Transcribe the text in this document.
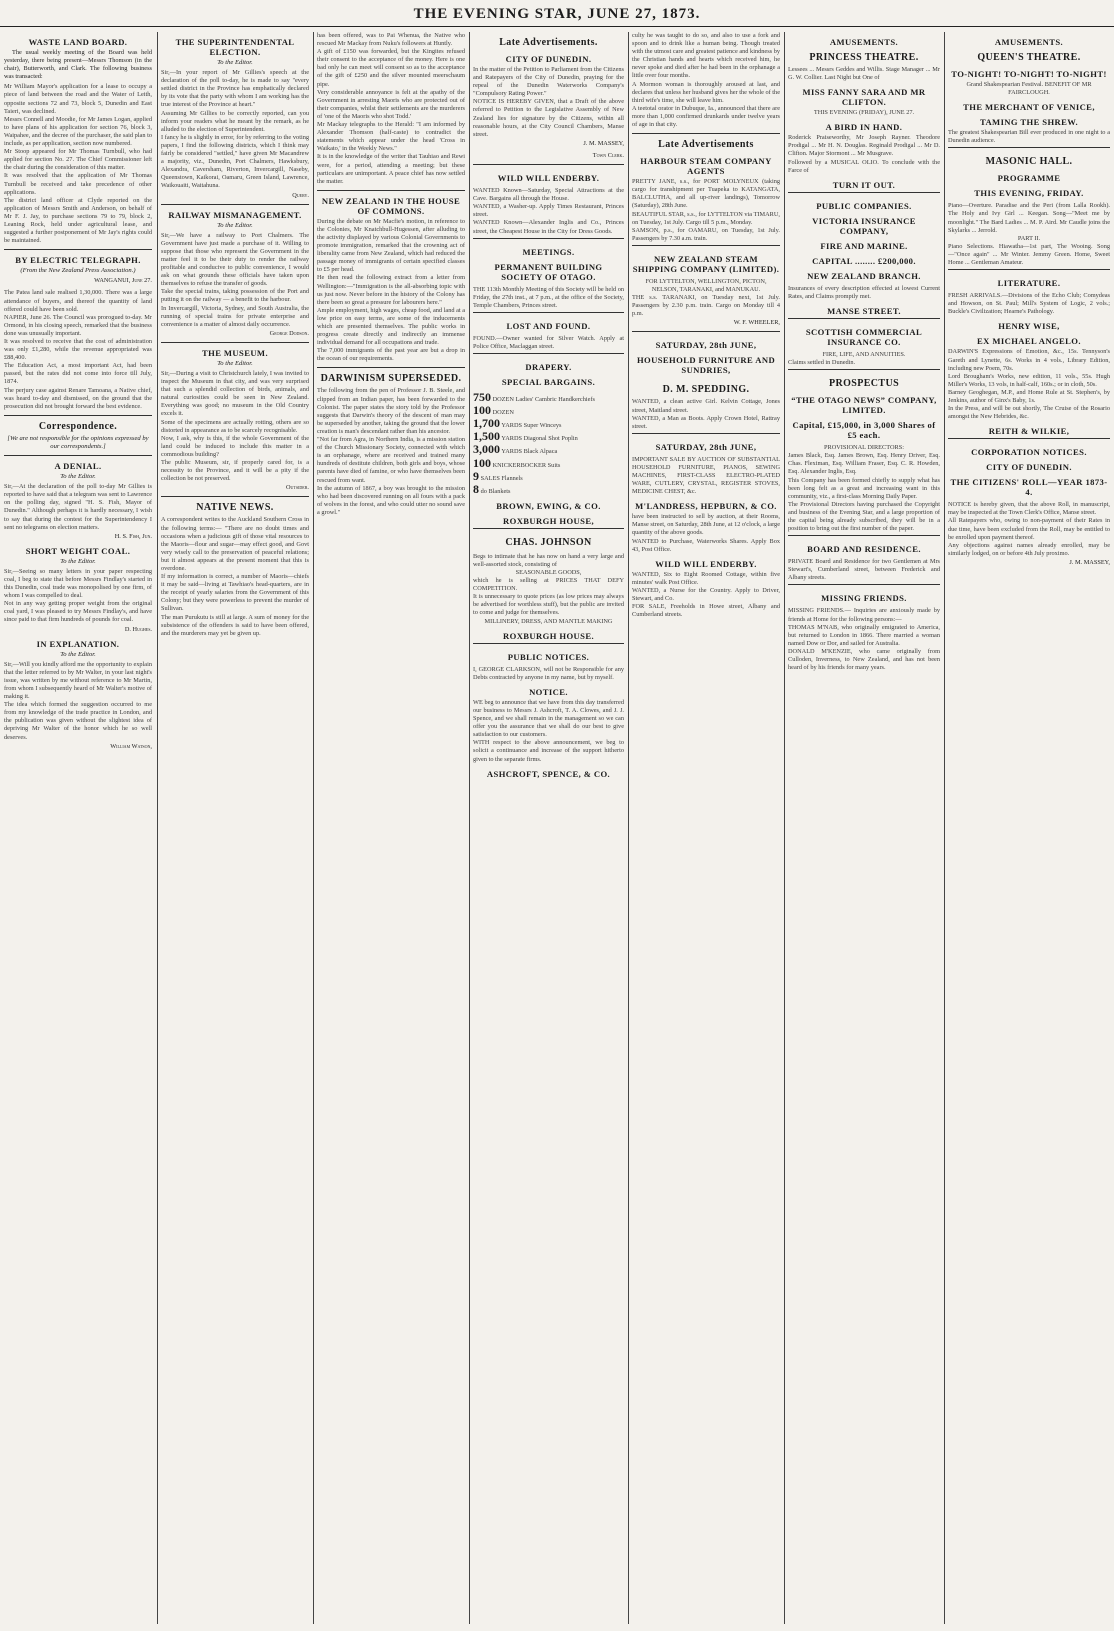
THE EVENING STAR, JUNE 27, 1873.
WASTE LAND BOARD.

The usual weekly meeting of the Board was held yesterday, there being present—Messrs Thomson (in the chair), Butterworth, and Clark. The following business was transacted:

Mr William Mayor's application for a lease to occupy a piece of land between the road and the Water of Leith, opposite sections 72 and 73, block 5, Dunedin and East Taieri, was declined.
Messrs Connell and Moodie, for Mr James Logan, applied to have plans of his application for section 76, block 3, Waipahee, and the decree of the purchaser, the said plan to include, as per application, section now numbered.
Mr Stoop appeared for Mr Thomas Turnbull, who had applied for section No. 27. The Chief Commissioner left the chair during the consideration of this matter.
It was resolved that the application of Mr Thomas Turnbull be received and take precedence of other applications.
The district land officer at Clyde reported on the application of Messrs Smith and Anderson, on behalf of Mr F. J. Jay, to purchase sections 79 to 79, block 2, Leaning Rock, held under agricultural lease, and suggested a further postponement of Mr Jay's rights could be maintained.
BY ELECTRIC TELEGRAPH.
(From the New Zealand Press Association.)
WANGANUI, June 27.
The Patea land sale realised 1,30,000. There was a large attendance of buyers, and thereof the quantity of land offered could have been sold.
NAPIER, June 26. The Council was prorogued to-day. Mr Ormond, in his closing speech, remarked that the business done was unusually important.
It was resolved to receive that the cost of administration was only £1,280, while the revenue appropriated was £88,400.
The Education Act, a most important Act, had been passed, but the rates did not come into force till July, 1874.
The perjury case against Renare Tamoana, a Native chief, was heard to-day and dismissed, on the ground that the prosecution did not brought forward the best evidence.
Correspondence.
[We are not responsible for the opinions expressed by our correspondents.]
A DENIAL.
To the Editor.
Sir,—At the declaration of the poll to-day Mr Gillies is reported to have said that a telegram was sent to Lawrence on the polling day, signed "H. S. Fish, Mayor of Dunedin." Although perhaps it is hardly necessary, I wish to say that during the contest for the Superintendency I sent no telegrams on election matters.
H. S. Fish, Jun.
SHORT WEIGHT COAL.
To the Editor.
Sir,—Seeing so many letters in your paper respecting coal, I beg to state that before Messrs Findlay's started in this Dunedin, coal trade was monopolised by one firm, of whom I was compelled to deal.
Not in any way getting proper weight from the original coal yard, I was pleased to try Messrs Findlay's, and have since paid to that firm hundreds of pounds for coal.
D. Hughes.
IN EXPLANATION.
To the Editor.
Sir,—Will you kindly afford me the opportunity to explain that the letter referred to by Mr Walter, in your last night's issue, was written by me without reference to Mr Martin, from whom I subsequently heard of Mr Walter's motive of making it.
The idea which formed the suggestion occurred to me from my knowledge of the trade practice in London, and the publication was given without the slightest idea of depriving Mr Walter of the honor which he so well deserves.
William Watson,
THE SUPERINTENDENTAL ELECTION.
To the Editor.
Sir,—In your report of Mr Gillies's speech at the declaration of the poll to-day, he is made to say "every settled district in the Province has emphatically declared by its vote that the party with whom I am working has the true interest of the Province at heart."
Assuming Mr Gillies to be correctly reported, can you inform your readers what he meant by the remark, as he alluded to the election of Superintendent.
I fancy he is slightly in error, for by referring to the voting papers, I find the following districts, which I think may fairly be considered "settled," have given Mr Macandrew a majority, viz., Dunedin, Port Chalmers, Hawksbury, Alexandra, Caversham, Riverton, Invercargill, Naseby, Queenstown, Kaikorai, Oamaru, Green Island, Lawrence, Waikouaiti, Waitahuna.
Query.
RAILWAY MISMANAGEMENT.
To the Editor.
Sir,—We have a railway to Port Chalmers. The Government have just made a purchase of it. Willing to suppose that those who represent the Government in the matter feel it to be their duty to render the railway profitable and conducive to public convenience, I would ask on what grounds these officials have taken upon themselves to refuse the transfer of goods.
Take the special trains, taking possession of the Port and putting it on the railway — a benefit to the harbour.
In Invercargill, Victoria, Sydney, and South Australia, the running of special trains for private enterprise and convenience is a matter of almost daily occurrence.
George Dodson.
THE MUSEUM.
To the Editor.
Sir,—During a visit to Christchurch lately, I was invited to inspect the Museum in that city, and was very surprised that such a splendid collection of birds, animals, and natural curiosities could be seen in New Zealand. Everything was good; no museum in the Old Country excels it.
Some of the specimens are actually rotting, others are so distorted in appearance as to be scarcely recognisable.
Now, I ask, why is this, if the whole Government of the land could be induced to include this matter in a commodious building?
The public Museum, sir, if properly cared for, is a necessity to the Province, and it will be a pity if the collection be not preserved.
Outsider.
NATIVE NEWS.
A correspondent writes to the Auckland Southern Cross in the following terms:— "There are no doubt times and occasions when a judicious gift of those vital resources to the Maoris—flour and sugar—may effect good, and Govt very wisely call to the preservation of peaceful relations; but it almost appears at the present moment that this is overdone.
If my information is correct, a number of Maoris—chiefs it may be said—living at Tawhiao's head-quarters, are in the receipt of yearly salaries from the Government of this Colony; but they were powerless to prevent the murder of Sullivan.
The man Purukutu is still at large. A sum of money for the subsistence of the offenders is said to have been offered, and the murderers may yet be given up.
has been offered, was to Pai Whenua, the Native who rescued Mr Mackay from Nuku's followers at Huntly.
A gift of £150 was forwarded, but the Kingites refused their consent to the acceptance of the money. Here is one bad only he can meet will consent so as to the acceptance of the gift of £250 and the silver mounted meerschaum pipe.
Very considerable annoyance is felt at the apathy of the Government in arresting Maoris who are protected out of their companies, whilst their settlements are the murderers of 'one of the Maoris who shot Todd.'
Mr Mackay telegraphs to the Herald: "I am informed by Alexander Thomson (half-caste) to contradict the statements which appear under the head 'Cross in Waikato,' in the Weekly News."
It is in the knowledge of the writer that Tauhiao and Rewi were, for a period, attending a meeting; but these particulars are unimportant. A peace chief has now settled the matter.
NEW ZEALAND IN THE HOUSE OF COMMONS.
During the debate on Mr Macfie's motion, in reference to the Colonies, Mr Knatchbull-Hugessen, after alluding to the activity displayed by various Colonial Governments to promote immigration, remarked that the crowning act of liberality came from New Zealand, which had reduced the passage money of immigrants of certain specified classes to £5 per head.
He then read the following extract from a letter from Wellington:—"Immigration is the all-absorbing topic with us just now. Never before in the history of the Colony has there been so great a pressure for labourers here."
Ample employment, high wages, cheap food, and land at a low price on easy terms, are some of the inducements which are presented themselves. The public works in progress create directly and indirectly an immense individual demand for all occupations and trade.
The 7,000 immigrants of the past year are but a drop in the ocean of our requirements.
DARWINISM SUPERSEDED.
The following from the pen of Professor J. B. Steele, and clipped from an Indian paper, has been forwarded to the Colonist. The paper states the story told by the Professor suggests that Darwin's theory of the descent of man may be superseded by another, taking the ground that the lower creation is man's descendant rather than his ancestor.
"Not far from Agra, in Northern India, is a mission station of the Church Missionary Society, connected with which is an orphanage, where are received and trained many hundreds of destitute children, both girls and boys, whose parents have died of famine, or who have themselves been rescued from want.
In the autumn of 1867, a boy was brought to the mission who had been discovered running on all fours with a pack of wolves in the forest, and who could utter no sound save a growl."
Late Advertisements.
CITY OF DUNEDIN.
In the matter of the Petition to Parliament from the Citizens and Ratepayers of the City of Dunedin, praying for the repeal of the Dunedin Waterworks Company's "Compulsory Rating Power."
NOTICE IS HEREBY GIVEN, that a Draft of the above referred to Petition to the Legislative Assembly of New Zealand lies for signature by the Citizens, within all reasonable hours, at the City Council Chambers, Manse street.
J. M. MASSEY,
Town Clerk.
WILD WILL ENDERBY.
WANTED Known—Saturday, Special Attractions at the Cave. Bargains all through the House.
WANTED, a Washer-up. Apply Times Restaurant, Princes street.
WANTED Known—Alexander Inglis and Co., Princes street, the Cheapest House in the City for Dress Goods.
MEETINGS.
PERMANENT BUILDING SOCIETY OF OTAGO.
THE 113th Monthly Meeting of this Society will be held on Friday, the 27th inst., at 7 p.m., at the office of the Society, Temple Chambers, Princes street.
LOST AND FOUND.
FOUND.—Owner wanted for Silver Watch. Apply at Police Office, Maclaggan street.
DRAPERY.
SPECIAL BARGAINS.
750 DOZEN Ladies' Cambric Handkerchiefs
100 DOZEN
1,700 YARDS Super Winceys
1,500 YARDS Diagonal Shot Poplin
3,000 YARDS Black Alpaca
100 KNICKERBOCKER Suits
9 SALES Flannels
8 do Blankets
BROWN, EWING, & CO.
ROXBURGH HOUSE,
CHAS. JOHNSON
Begs to intimate that he has now on hand a very large and well-assorted stock, consisting of
SEASONABLE GOODS,
which he is selling at PRICES THAT DEFY COMPETITION.
It is unnecessary to quote prices (as low prices may always be advertised for worthless stuff), but the public are invited to come and judge for themselves.
MILLINERY, DRESS, AND MANTLE MAKING
ROXBURGH HOUSE.
PUBLIC NOTICES.
I, GEORGE CLARKSON, will not be Responsible for any Debts contracted by anyone in my name, but by myself.
NOTICE.
WE beg to announce that we have from this day transferred our business to Messrs J. Ashcroft, T. A. Clowes, and J. J. Spence, and we shall remain in the management so we can offer you the assurance that we shall do our best to give satisfaction to our customers.
WITH respect to the above announcement, we beg to solicit a continuance and increase of the support hitherto given to the separate firms.
ASHCROFT, SPENCE, & CO.
culty he was taught to do so, and also to use a fork and spoon and to drink like a human being. Though treated with the utmost care and greatest patience and kindness by the Christian hands and hearts which received him, he never spoke and died after he had been in the orphanage a little over four months.
A Mormon woman is thoroughly aroused at last, and declares that unless her husband gives her the whole of the third wife's time, she will leave him.
A teetotal orator in Dubuque, Ia., announced that there are more than 1,000 confirmed drunkards under twelve years of age in that city.
Late Advertisements
HARBOUR STEAM COMPANY AGENTS
PRETTY JANE, s.s., for PORT MOLYNEUX (taking cargo for transhipment per Tuapeka to KATANGATA, BALCLUTHA, and all up-river landings), Tomorrow (Saturday), 28th June.
BEAUTIFUL STAR, s.s., for LYTTELTON via TIMARU, on Tuesday, 1st July. Cargo till 5 p.m., Monday.
SAMSON, p.s., for OAMARU, on Tuesday, 1st July. Passengers by 7.30 a.m. train.
NEW ZEALAND STEAM SHIPPING COMPANY (LIMITED).
FOR LYTTELTON, WELLINGTON, PICTON, NELSON, TARANAKI, and MANUKAU.
THE s.s. TARANAKI, on Tuesday next, 1st July. Passengers by 2.30 p.m. train. Cargo on Monday till 4 p.m.
W. F. WHEELER,
SATURDAY, 28th JUNE,
HOUSEHOLD FURNITURE AND SUNDRIES,
D. M. SPEDDING.
WANTED, a clean active Girl. Kelvin Cottage, Jones street, Maitland street.
WANTED, a Man as Boots. Apply Crown Hotel, Rattray street.
SATURDAY, 28th JUNE,
IMPORTANT SALE BY AUCTION OF SUBSTANTIAL HOUSEHOLD FURNITURE, PIANOS, SEWING MACHINES, FIRST-CLASS ELECTRO-PLATED WARE, CUTLERY, CRYSTAL, REGISTER STOVES, MEDICINE CHEST, &c.
M'LANDRESS, HEPBURN, & CO.
have been instructed to sell by auction, at their Rooms, Manse street, on Saturday, 28th June, at 12 o'clock, a large quantity of the above goods.
WANTED to Purchase, Waterworks Shares. Apply Box 43, Post Office.
WILD WILL ENDERBY.
WANTED, Six to Eight Roomed Cottage, within five minutes' walk Post Office.
WANTED, a Nurse for the Country. Apply to Driver, Stewart, and Co.
FOR SALE, Freeholds in Howe street, Albany and Cumberland streets.
AMUSEMENTS.
PRINCESS THEATRE.
Lessees ... Messrs Geddes and Willis. Stage Manager ... Mr G. W. Collier. Last Night but One of
MISS FANNY SARA AND MR CLIFTON.
THIS EVENING (FRIDAY), JUNE 27.
A BIRD IN HAND.
Roderick Praiseworthy, Mr Joseph Rayner. Theodore Prodigal ... Mr H. N. Douglas. Reginald Prodigal ... Mr D. Clifton. Major Stormont ... Mr Musgrave.
Followed by a MUSICAL OLIO. To conclude with the Farce of
TURN IT OUT.
PUBLIC COMPANIES.
VICTORIA INSURANCE COMPANY,
FIRE AND MARINE.
CAPITAL ........ £200,000.
NEW ZEALAND BRANCH.
Insurances of every description effected at lowest Current Rates, and Claims promptly met.
MANSE STREET.
SCOTTISH COMMERCIAL INSURANCE CO.
FIRE, LIFE, AND ANNUITIES.
Claims settled in Dunedin.
PROSPECTUS
“THE OTAGO NEWS” COMPANY, LIMITED.
Capital, £15,000, in 3,000 Shares of £5 each.
PROVISIONAL DIRECTORS:
James Black, Esq. James Brown, Esq. Henry Driver, Esq. Chas. Fleximan, Esq. William Fraser, Esq. C. R. Howden, Esq. Alexander Inglis, Esq.
This Company has been formed chiefly to supply what has been long felt as a great and increasing want in this community, viz., a first-class Morning Daily Paper.
The Provisional Directors having purchased the Copyright and business of the Evening Star, and a large proportion of the capital being already subscribed, they will be in a position to bring out the first number of the paper.
BOARD AND RESIDENCE.
PRIVATE Board and Residence for two Gentlemen at Mrs Stewart's, Cumberland street, between Frederick and Albany streets.
MISSING FRIENDS.
MISSING FRIENDS.— Inquiries are anxiously made by friends at Home for the following persons:—
THOMAS M'NAB, who originally emigrated to America, but returned to London in 1866. There married a woman named Dow or Dor, and sailed for Australia.
DONALD M'KENZIE, who came originally from Culloden, Inverness, to New Zealand, and has not been heard of by his friends for many years.
AMUSEMENTS.
QUEEN'S THEATRE.
TO-NIGHT! TO-NIGHT! TO-NIGHT!
Grand Shakespearian Festival. BENEFIT OF MR FAIRCLOUGH.
THE MERCHANT OF VENICE,
TAMING THE SHREW.
The greatest Shakespearian Bill ever produced in one night to a Dunedin audience.
MASONIC HALL.
PROGRAMME
THIS EVENING, FRIDAY.
Piano—Overture. Paradise and the Peri (from Lalla Rookh). The Holy and Ivy Girl ... Keegan. Song—"Meet me by moonlight." The Bard Ladies ... M. P. Aird. Mr Caudle joins the Skylarks ... Jerrold.
PART II.
Piano Selections. Hiawatha—1st part, The Wooing. Song—"Once again" ... Mr Winter. Jemmy Green. Home, Sweet Home ... Gentleman Amateur.
LITERATURE.
FRESH ARRIVALS.—Divisions of the Echo Club; Comydeas and Howson, on St. Paul; Mill's System of Logic, 2 vols.; Buckle's Civilization; Hearne's Pathology.
HENRY WISE,
EX MICHAEL ANGELO.
DARWIN'S Expressions of Emotion, &c., 15s. Tennyson's Gareth and Lynette, 6s. Works in 4 vols., Library Edition, including new Poem, 70s.
Lord Brougham's Works, new edition, 11 vols., 55s. Hugh Miller's Works, 13 vols, in half-calf, 160s.; or in cloth, 50s.
Barney Geoghegan, M.P., and Home Rule at St. Stephen's, by Jenkins, author of Ginx's Baby, 1s.
In the Press, and will be out shortly, The Cruise of the Rosario amongst the New Hebrides, &c.
REITH & WILKIE,
CORPORATION NOTICES.
CITY OF DUNEDIN.
THE CITIZENS' ROLL—YEAR 1873-4.
NOTICE is hereby given, that the above Roll, in manuscript, may be inspected at the Town Clerk's Office, Manse street.
All Ratepayers who, owing to non-payment of their Rates in due time, have been excluded from the Roll, may be entitled to be enrolled upon payment thereof.
Any objections against names already enrolled, may be similarly lodged, on or before 4th July proximo.
J. M. MASSEY,
